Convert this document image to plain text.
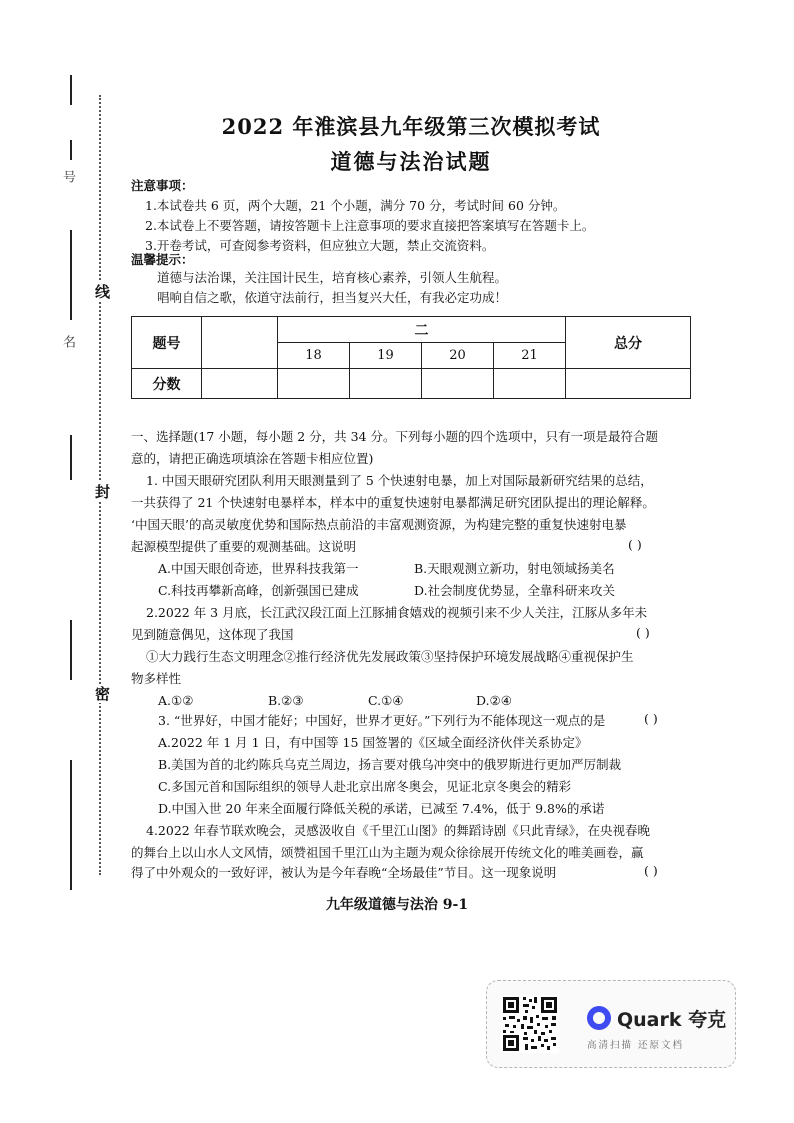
号
名
线
封
密
2022 年淮滨县九年级第三次模拟考试
道德与法治试题
注意事项：
1.本试卷共 6 页，两个大题，21 个小题，满分 70 分，考试时间 60 分钟。
2.本试卷上不要答题，请按答题卡上注意事项的要求直接把答案填写在答题卡上。
3.开卷考试，可查阅参考资料，但应独立大题，禁止交流资料。
温馨提示：
道德与法治课，关注国计民生，培育核心素养，引领人生航程。
唱响自信之歌，依道守法前行，担当复兴大任，有我必定功成！
题号		二				总分
		18	19	20	21	
分数						
一、选择题(17 小题，每小题 2 分，共 34 分。下列每小题的四个选项中，只有一项是最符合题
意的，请把正确选项填涂在答题卡相应位置)
1. 中国天眼研究团队利用天眼测量到了 5 个快速射电暴，加上对国际最新研究结果的总结，
一共获得了 21 个快速射电暴样本，样本中的重复快速射电暴都满足研究团队提出的理论解释。
‘中国天眼’的高灵敏度优势和国际热点前沿的丰富观测资源，为构建完整的重复快速射电暴
起源模型提供了重要的观测基础。这说明	( )
A.中国天眼创奇迹，世界科技我第一	B.天眼观测立新功，射电领域扬美名
C.科技再攀新高峰，创新强国已建成	D.社会制度优势显，全靠科研来攻关
2.2022 年 3 月底，长江武汉段江面上江豚捕食嬉戏的视频引来不少人关注，江豚从多年未
见到随意偶见，这体现了我国	( )
①大力践行生态文明理念②推行经济优先发展政策③坚持保护环境发展战略④重视保护生
物多样性
A.①②	B.②③	C.①④	D.②④
3. “世界好，中国才能好；中国好，世界才更好。”下列行为不能体现这一观点的是	( )
A.2022 年 1 月 1 日，有中国等 15 国签署的《区域全面经济伙伴关系协定》
B.美国为首的北约陈兵乌克兰周边，扬言要对俄乌冲突中的俄罗斯进行更加严厉制裁
C.多国元首和国际组织的领导人赴北京出席冬奥会，见证北京冬奥会的精彩
D.中国入世 20 年来全面履行降低关税的承诺，已减至 7.4%，低于 9.8%的承诺
4.2022 年春节联欢晚会，灵感汲收自《千里江山图》的舞蹈诗剧《只此青绿》，在央视春晚
的舞台上以山水人文风情，颂赞祖国千里江山为主题为观众徐徐展开传统文化的唯美画卷，赢
得了中外观众的一致好评，被认为是今年春晚“全场最佳”节目。这一现象说明	( )
九年级道德与法治 9-1
Quark 夸克
高清扫描 还原文档
